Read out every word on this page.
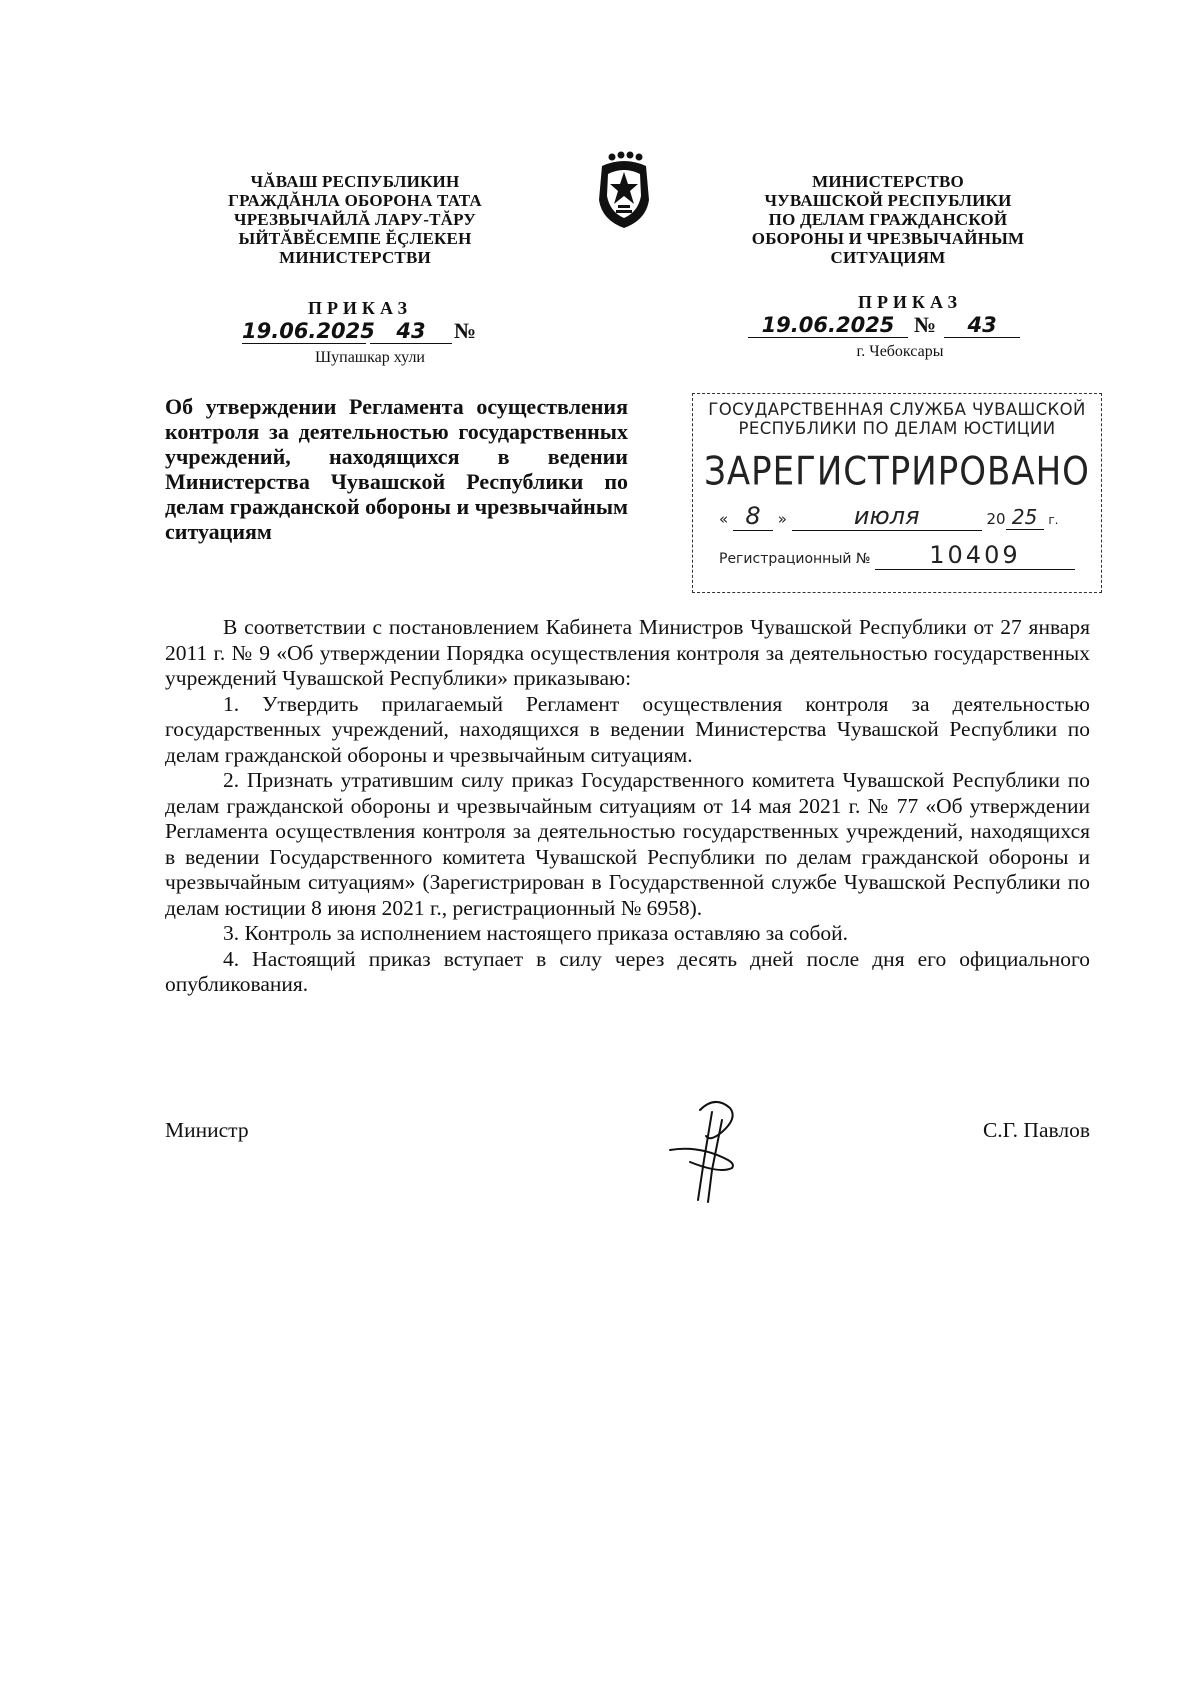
ЧĂВАШ РЕСПУБЛИКИН
ГРАЖДĂНЛА ОБОРОНА ТАТА
ЧРЕЗВЫЧАЙЛĂ ЛАРУ-ТĂРУ
ЫЙТĂВĔСЕМПЕ ĔÇЛЕКЕН
МИНИСТЕРСТВИ
ПРИКАЗ
19.06.2025 43 №
Шупашкар хули
МИНИСТЕРСТВО
ЧУВАШСКОЙ РЕСПУБЛИКИ
ПО ДЕЛАМ ГРАЖДАНСКОЙ
ОБОРОНЫ И ЧРЕЗВЫЧАЙНЫМ
СИТУАЦИЯМ
ПРИКАЗ
19.06.2025 № 43
г. Чебоксары
Об утверждении Регламента осуществления контроля за деятельностью государственных учреждений, находящихся в ведении Министерства Чувашской Республики по делам гражданской обороны и чрезвычайным ситуациям
ГОСУДАРСТВЕННАЯ СЛУЖБА ЧУВАШСКОЙ
РЕСПУБЛИКИ ПО ДЕЛАМ ЮСТИЦИИ
ЗАРЕГИСТРИРОВАНО
« 8 »	июля	20 25 г.
Регистрационный № 10409

В соответствии с постановлением Кабинета Министров Чувашской Республики от 27 января 2011 г. № 9 «Об утверждении Порядка осуществления контроля за деятельностью государственных учреждений Чувашской Республики» приказываю:

1. Утвердить прилагаемый Регламент осуществления контроля за деятельностью государственных учреждений, находящихся в ведении Министерства Чувашской Республики по делам гражданской обороны и чрезвычайным ситуациям.

2. Признать утратившим силу приказ Государственного комитета Чувашской Республики по делам гражданской обороны и чрезвычайным ситуациям от 14 мая 2021 г. № 77 «Об утверждении Регламента осуществления контроля за деятельностью государственных учреждений, находящихся в ведении Государственного комитета Чувашской Республики по делам гражданской обороны и чрезвычайным ситуациям» (Зарегистрирован в Государственной службе Чувашской Республики по делам юстиции 8 июня 2021 г., регистрационный № 6958).

3. Контроль за исполнением настоящего приказа оставляю за собой.

4. Настоящий приказ вступает в силу через десять дней после дня его официального опубликования.

Министр	С.Г. Павлов
